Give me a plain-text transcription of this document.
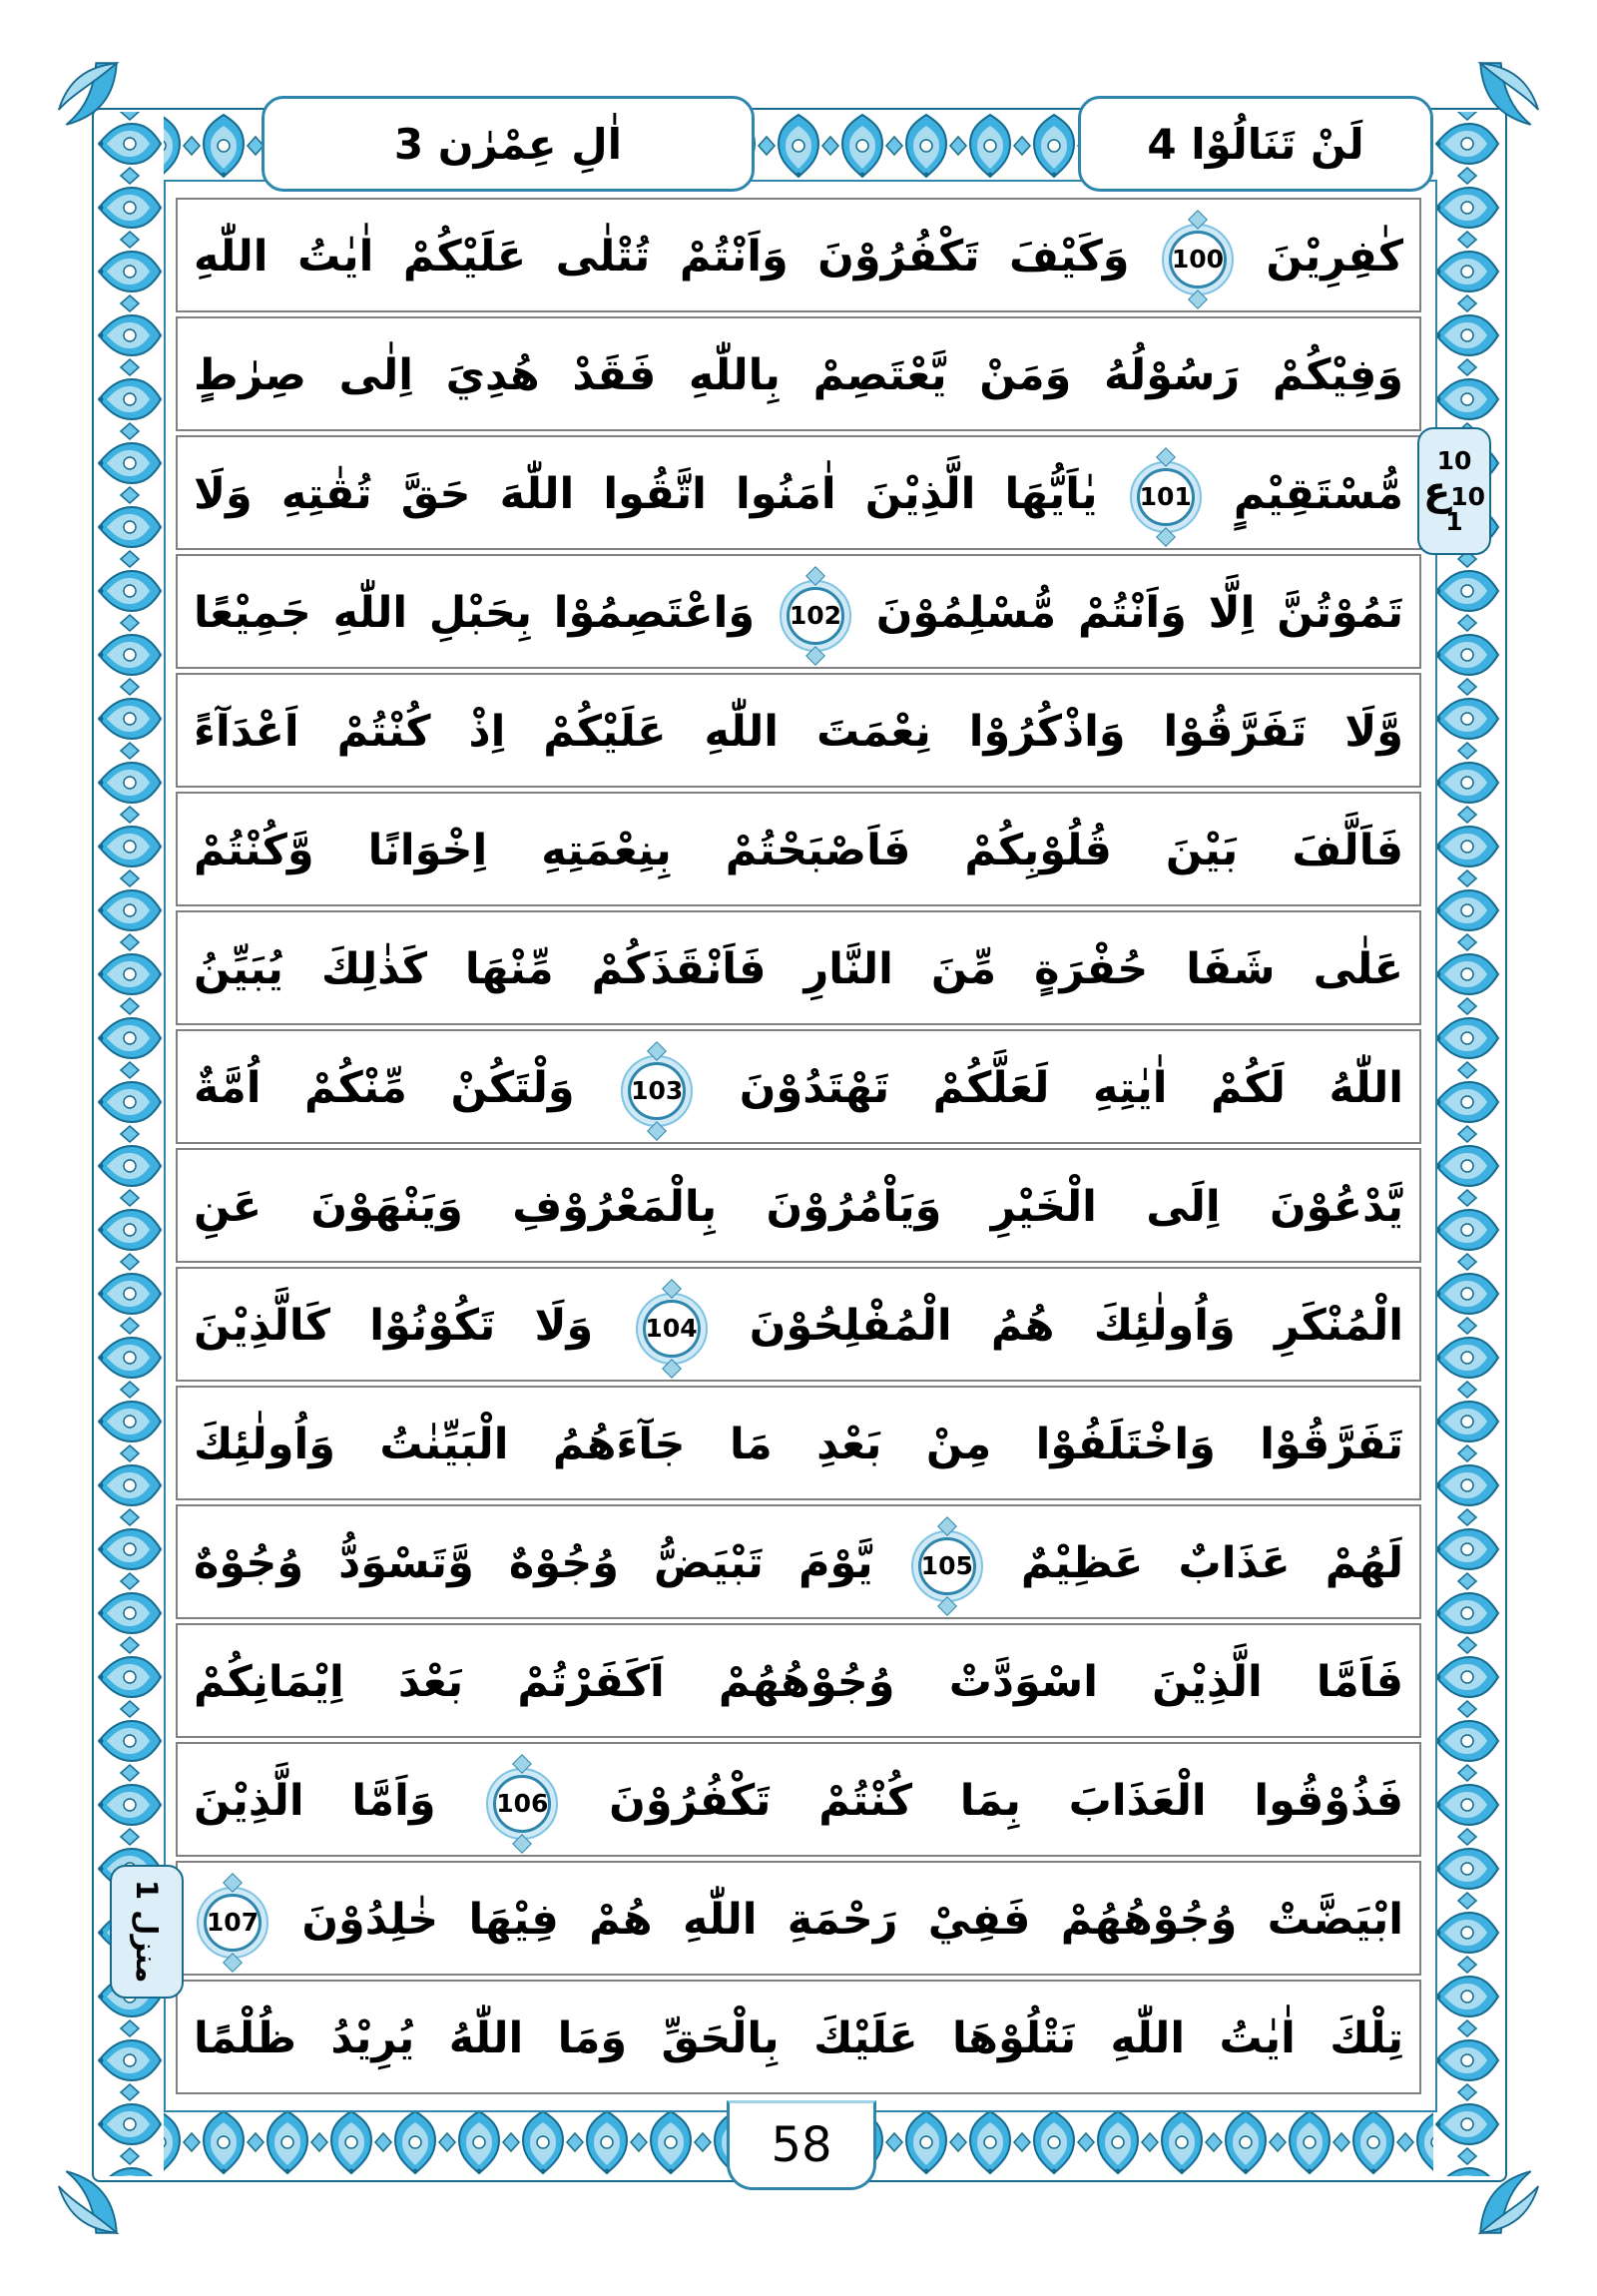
اٰلِ عِمْرٰن 3	لَنْ تَنَالُوْا 4
كٰفِرِيْنَ
100
وَكَيْفَ تَكْفُرُوْنَ وَاَنْتُمْ تُتْلٰى عَلَيْكُمْ اٰيٰتُ اللّٰهِ
وَفِيْكُمْ رَسُوْلُهُ وَمَنْ يَّعْتَصِمْ بِاللّٰهِ فَقَدْ هُدِيَ اِلٰى صِرٰطٍ
مُّسْتَقِيْمٍ
101
يٰاَيُّهَا الَّذِيْنَ اٰمَنُوا اتَّقُوا اللّٰهَ حَقَّ تُقٰتِهِ وَلَا
تَمُوْتُنَّ اِلَّا وَاَنْتُمْ مُّسْلِمُوْنَ
102
وَاعْتَصِمُوْا بِحَبْلِ اللّٰهِ جَمِيْعًا
وَّلَا تَفَرَّقُوْا وَاذْكُرُوْا نِعْمَتَ اللّٰهِ عَلَيْكُمْ اِذْ كُنْتُمْ اَعْدَآءً
فَاَلَّفَ بَيْنَ قُلُوْبِكُمْ فَاَصْبَحْتُمْ بِنِعْمَتِهِ اِخْوَانًا وَّكُنْتُمْ
عَلٰى شَفَا حُفْرَةٍ مِّنَ النَّارِ فَاَنْقَذَكُمْ مِّنْهَا كَذٰلِكَ يُبَيِّنُ
اللّٰهُ لَكُمْ اٰيٰتِهِ لَعَلَّكُمْ تَهْتَدُوْنَ
103
وَلْتَكُنْ مِّنْكُمْ اُمَّةٌ
يَّدْعُوْنَ اِلَى الْخَيْرِ وَيَاْمُرُوْنَ بِالْمَعْرُوْفِ وَيَنْهَوْنَ عَنِ
الْمُنْكَرِ وَاُولٰئِكَ هُمُ الْمُفْلِحُوْنَ
104
وَلَا تَكُوْنُوْا كَالَّذِيْنَ
تَفَرَّقُوْا وَاخْتَلَفُوْا مِنْ بَعْدِ مَا جَآءَهُمُ الْبَيِّنٰتُ وَاُولٰئِكَ
لَهُمْ عَذَابٌ عَظِيْمٌ
105
يَّوْمَ تَبْيَضُّ وُجُوْهٌ وَّتَسْوَدُّ وُجُوْهٌ
فَاَمَّا الَّذِيْنَ اسْوَدَّتْ وُجُوْهُهُمْ اَكَفَرْتُمْ بَعْدَ اِيْمَانِكُمْ
فَذُوْقُوا الْعَذَابَ بِمَا كُنْتُمْ تَكْفُرُوْنَ
106
وَاَمَّا الَّذِيْنَ
ابْيَضَّتْ وُجُوْهُهُمْ فَفِيْ رَحْمَةِ اللّٰهِ هُمْ فِيْهَا خٰلِدُوْنَ
107
تِلْكَ اٰيٰتُ اللّٰهِ نَتْلُوْهَا عَلَيْكَ بِالْحَقِّ وَمَا اللّٰهُ يُرِيْدُ ظُلْمًا
10
ع 10
1
منزل 1
58
